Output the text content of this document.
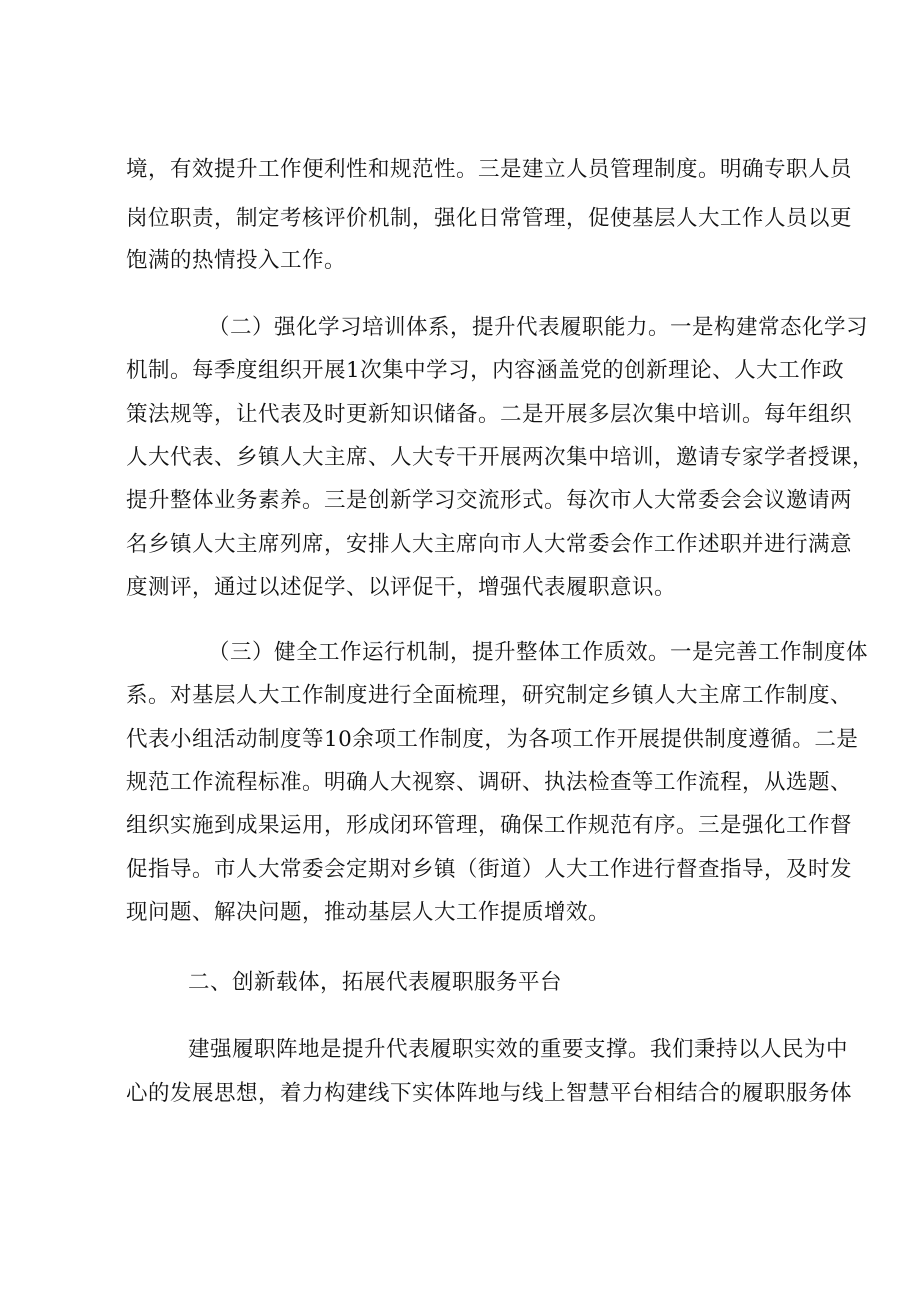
境，有效提升工作便利性和规范性。三是建立人员管理制度。明确专职人员
岗位职责，制定考核评价机制，强化日常管理，促使基层人大工作人员以更
饱满的热情投入工作。
（二）强化学习培训体系，提升代表履职能力。一是构建常态化学习
机制。每季度组织开展1次集中学习，内容涵盖党的创新理论、人大工作政
策法规等，让代表及时更新知识储备。二是开展多层次集中培训。每年组织
人大代表、乡镇人大主席、人大专干开展两次集中培训，邀请专家学者授课，
提升整体业务素养。三是创新学习交流形式。每次市人大常委会会议邀请两
名乡镇人大主席列席，安排人大主席向市人大常委会作工作述职并进行满意
度测评，通过以述促学、以评促干，增强代表履职意识。
（三）健全工作运行机制，提升整体工作质效。一是完善工作制度体
系。对基层人大工作制度进行全面梳理，研究制定乡镇人大主席工作制度、
代表小组活动制度等10余项工作制度，为各项工作开展提供制度遵循。二是
规范工作流程标准。明确人大视察、调研、执法检查等工作流程，从选题、
组织实施到成果运用，形成闭环管理，确保工作规范有序。三是强化工作督
促指导。市人大常委会定期对乡镇（街道）人大工作进行督查指导，及时发
现问题、解决问题，推动基层人大工作提质增效。
二、创新载体，拓展代表履职服务平台
建强履职阵地是提升代表履职实效的重要支撑。我们秉持以人民为中
心的发展思想，着力构建线下实体阵地与线上智慧平台相结合的履职服务体
